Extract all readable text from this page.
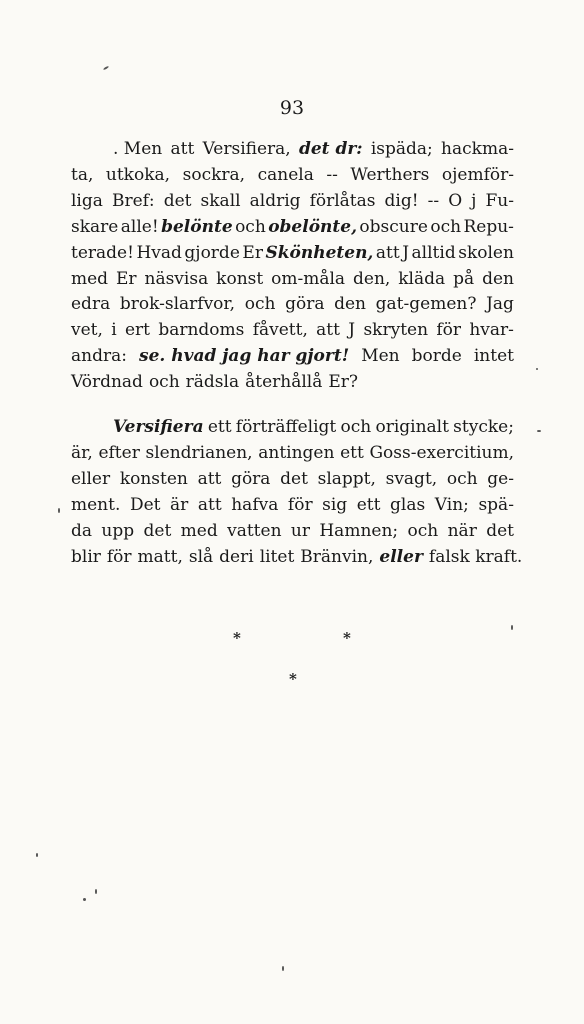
93
. Men att Versifiera, det dr: ispäda; hackma-
ta, utkoka, sockra, canela -- Werthers ojemför-
liga Bref: det skall aldrig förlåtas dig! -- O j Fu-
skare alle! belönte och obelönte, obscure och Repu-
terade! Hvad gjorde Er Skönheten, att J alltid skolen
med Er näsvisa konst om-måla den, kläda på den
edra brok-slarfvor, och göra den gat-gemen? Jag
vet, i ert barndoms fåvett, att J skryten för hvar-
andra: se. hvad jag har gjort! Men borde intet
Vördnad och rädsla återhållå Er?
Versifiera ett förträffeligt och originalt stycke;
är, efter slendrianen, antingen ett Goss-exercitium,
eller konsten att göra det slappt, svagt, och ge-
ment. Det är att hafva för sig ett glas Vin; spä-
da upp det med vatten ur Hamnen; och när det
blir för matt, slå deri litet Bränvin, eller falsk kraft.
*	*
*
